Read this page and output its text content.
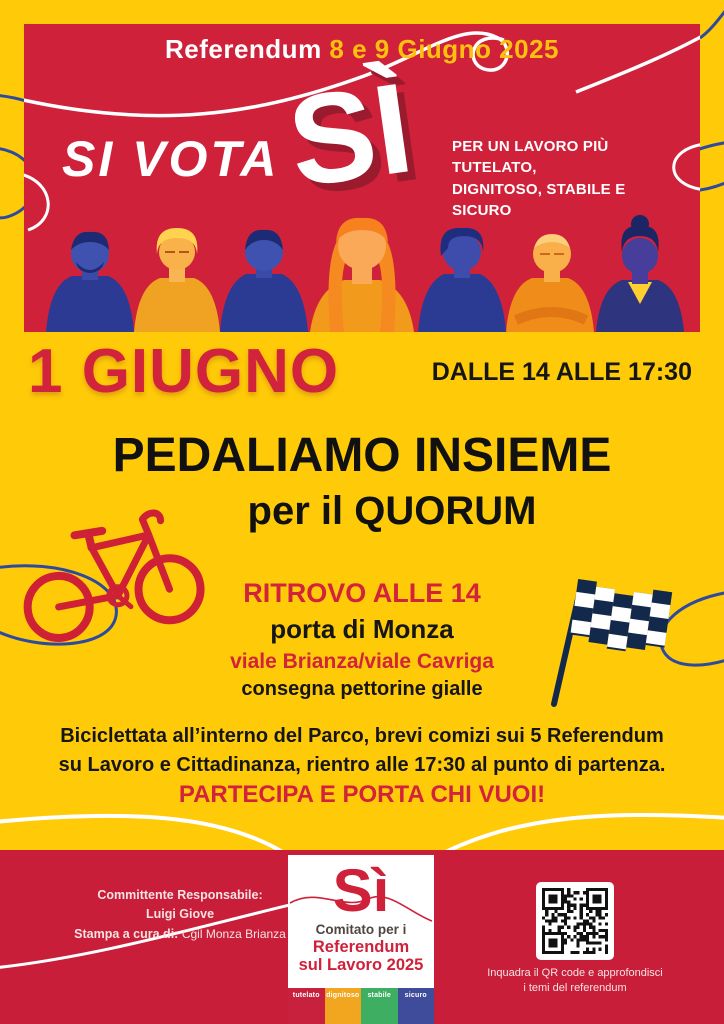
Referendum 8 e 9 Giugno 2025
SI VOTA SÌ PER UN LAVORO PIÙ TUTELATO,
DIGNITOSO, STABILE E SICURO
1 GIUGNO	DALLE 14 ALLE 17:30
PEDALIAMO INSIEME
per il QUORUM
RITROVO ALLE 14
porta di Monza
viale Brianza/viale Cavriga
consegna pettorine gialle
Biciclettata all’interno del Parco, brevi comizi sui 5 Referendum
su Lavoro e Cittadinanza, rientro alle 17:30 al punto di partenza.
PARTECIPA E PORTA CHI VUOI!
Committente Responsabile:
Luigi Giove
Stampa a cura di: Cgil Monza Brianza
Sì
Comitato per i
Referendum
sul Lavoro 2025
tutelato dignitoso	stabile	sicuro
Inquadra il QR code e approfondisci
i temi del referendum
